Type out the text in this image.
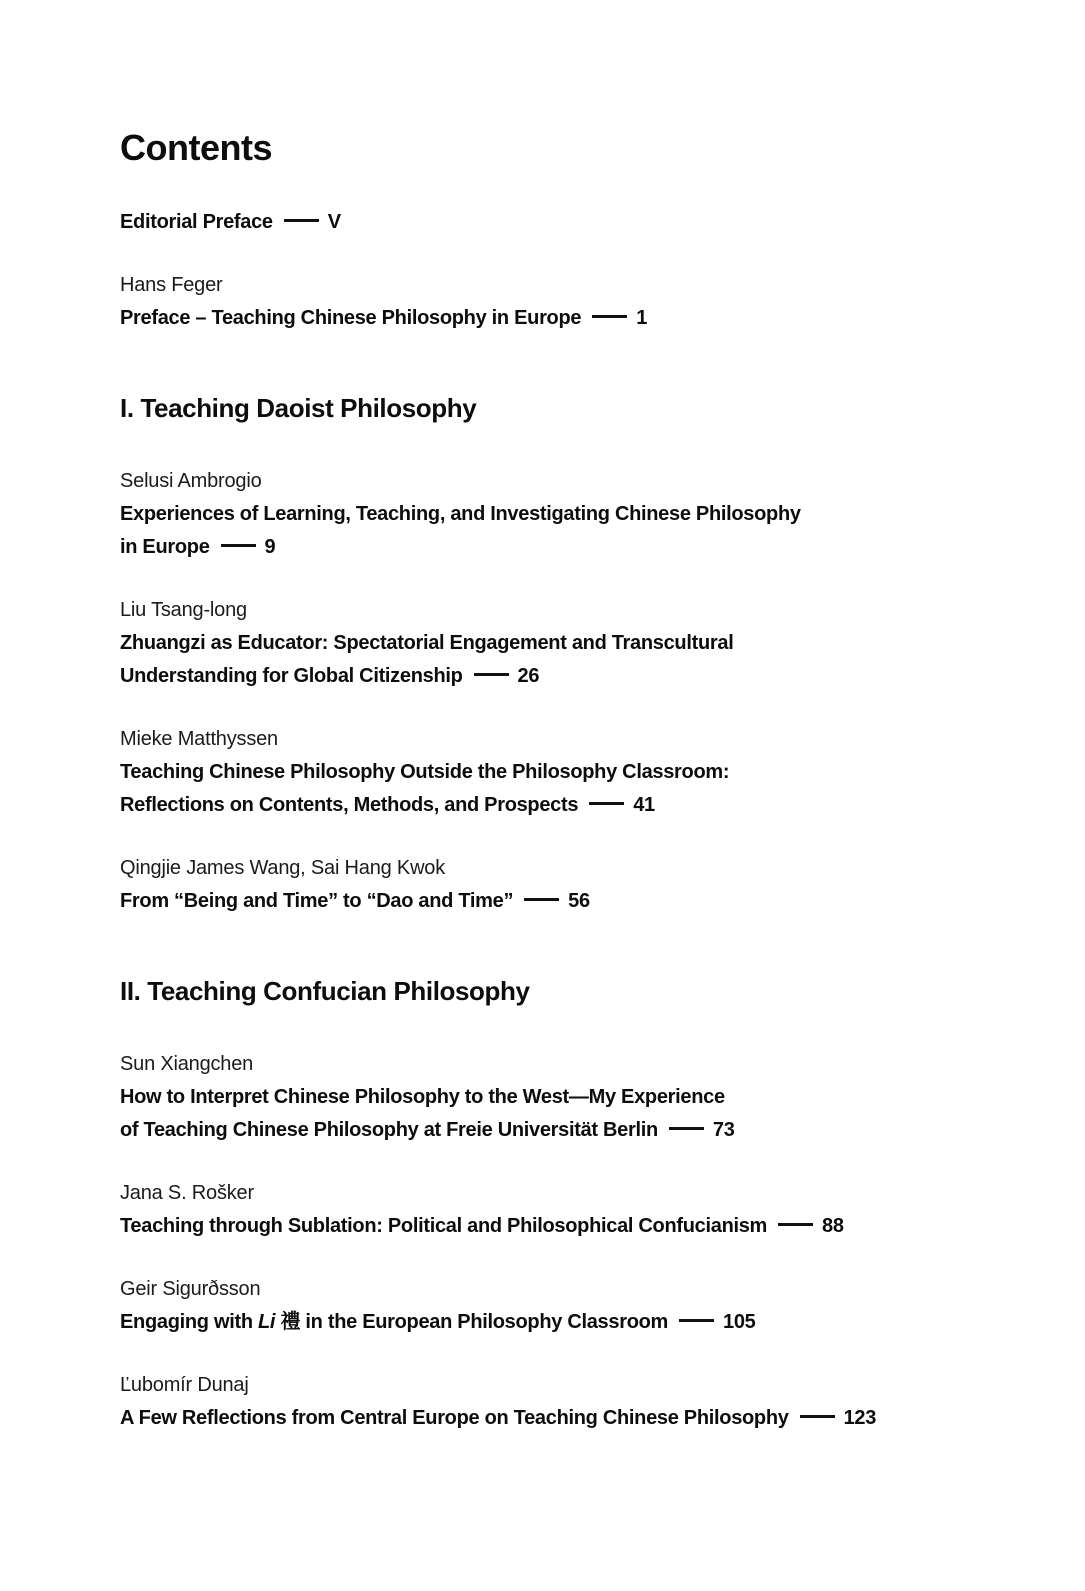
Contents

Editorial Preface	V

Hans Feger

Preface – Teaching Chinese Philosophy in Europe	1

I. Teaching Daoist Philosophy

Selusi Ambrogio

Experiences of Learning, Teaching, and Investigating Chinese Philosophy
in Europe	9

Liu Tsang-long

Zhuangzi as Educator: Spectatorial Engagement and Transcultural
Understanding for Global Citizenship	26

Mieke Matthyssen

Teaching Chinese Philosophy Outside the Philosophy Classroom:
Reflections on Contents, Methods, and Prospects	41

Qingjie James Wang, Sai Hang Kwok

From “Being and Time” to “Dao and Time”	56

II. Teaching Confucian Philosophy

Sun Xiangchen

How to Interpret Chinese Philosophy to the West—My Experience
of Teaching Chinese Philosophy at Freie Universität Berlin	73

Jana S. Rošker

Teaching through Sublation: Political and Philosophical Confucianism	88

Geir Sigurðsson

Engaging with Li 禮 in the European Philosophy Classroom	105

Ľubomír Dunaj

A Few Reflections from Central Europe on Teaching Chinese Philosophy	123
